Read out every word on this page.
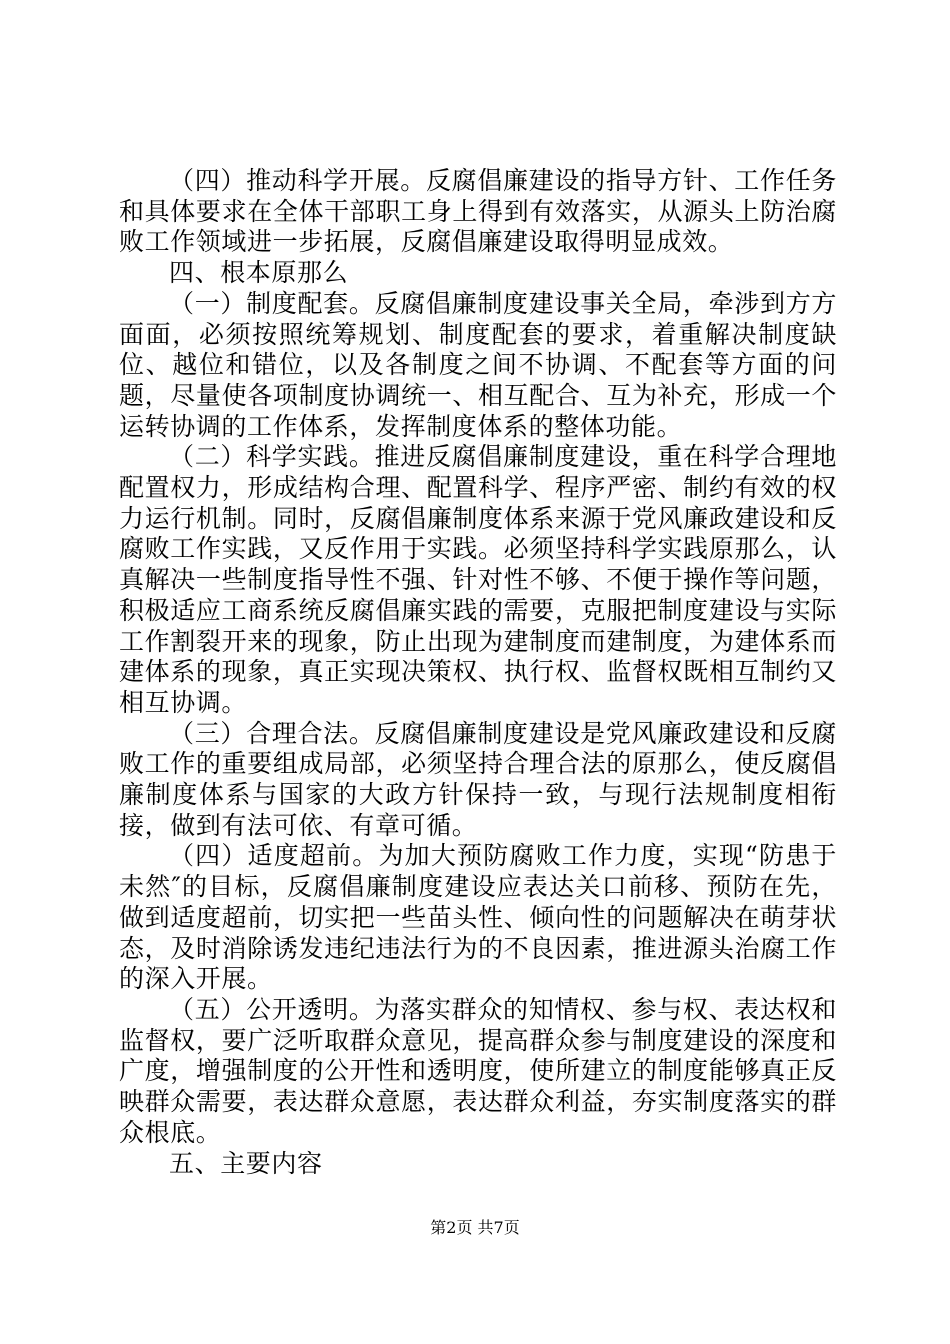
（四）推动科学开展。反腐倡廉建设的指导方针、工作任务和具体要求在全体干部职工身上得到有效落实，从源头上防治腐败工作领域进一步拓展，反腐倡廉建设取得明显成效。

四、根本原那么

（一）制度配套。反腐倡廉制度建设事关全局，牵涉到方方面面，必须按照统筹规划、制度配套的要求，着重解决制度缺位、越位和错位，以及各制度之间不协调、不配套等方面的问题，尽量使各项制度协调统一、相互配合、互为补充，形成一个运转协调的工作体系，发挥制度体系的整体功能。

（二）科学实践。推进反腐倡廉制度建设，重在科学合理地配置权力，形成结构合理、配置科学、程序严密、制约有效的权力运行机制。同时，反腐倡廉制度体系来源于党风廉政建设和反腐败工作实践，又反作用于实践。必须坚持科学实践原那么，认真解决一些制度指导性不强、针对性不够、不便于操作等问题，积极适应工商系统反腐倡廉实践的需要，克服把制度建设与实际工作割裂开来的现象，防止出现为建制度而建制度，为建体系而建体系的现象，真正实现决策权、执行权、监督权既相互制约又相互协调。

（三）合理合法。反腐倡廉制度建设是党风廉政建设和反腐败工作的重要组成局部，必须坚持合理合法的原那么，使反腐倡廉制度体系与国家的大政方针保持一致，与现行法规制度相衔接，做到有法可依、有章可循。

（四）适度超前。为加大预防腐败工作力度，实现“防患于未然″的目标，反腐倡廉制度建设应表达关口前移、预防在先，做到适度超前，切实把一些苗头性、倾向性的问题解决在萌芽状态，及时消除诱发违纪违法行为的不良因素，推进源头治腐工作的深入开展。

（五）公开透明。为落实群众的知情权、参与权、表达权和监督权，要广泛听取群众意见，提高群众参与制度建设的深度和广度，增强制度的公开性和透明度，使所建立的制度能够真正反映群众需要，表达群众意愿，表达群众利益，夯实制度落实的群众根底。

五、主要内容

第2页 共7页
